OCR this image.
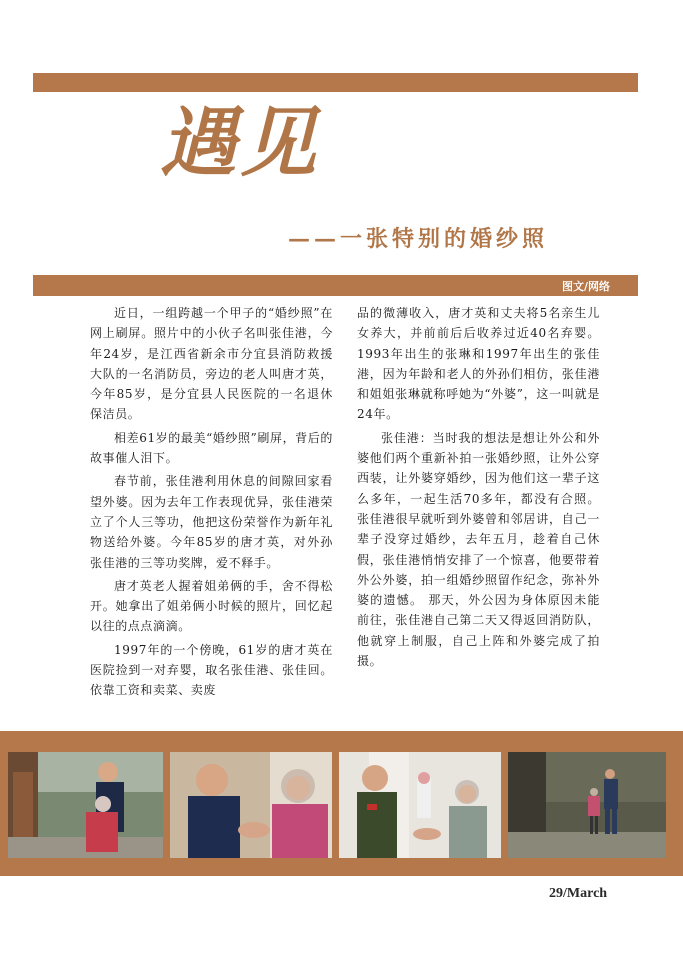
遇见
——一张特别的婚纱照
图文/网络

近日，一组跨越一个甲子的“婚纱照”在网上刷屏。照片中的小伙子名叫张佳港，今年24岁，是江西省新余市分宜县消防救援大队的一名消防员，旁边的老人叫唐才英，今年85岁，是分宜县人民医院的一名退休保洁员。

相差61岁的最美“婚纱照”刷屏，背后的故事催人泪下。

春节前，张佳港利用休息的间隙回家看望外婆。因为去年工作表现优异，张佳港荣立了个人三等功，他把这份荣誉作为新年礼物送给外婆。今年85岁的唐才英，对外孙张佳港的三等功奖牌，爱不释手。

唐才英老人握着姐弟俩的手，舍不得松开。她拿出了姐弟俩小时候的照片，回忆起以往的点点滴滴。

1997年的一个傍晚，61岁的唐才英在医院捡到一对弃婴，取名张佳港、张佳回。依靠工资和卖菜、卖废

品的微薄收入，唐才英和丈夫将5名亲生儿女养大，并前前后后收养过近40名弃婴。1993年出生的张琳和1997年出生的张佳港，因为年龄和老人的外孙们相仿，张佳港和姐姐张琳就称呼她为“外婆”，这一叫就是24年。

张佳港：当时我的想法是想让外公和外婆他们两个重新补拍一张婚纱照，让外公穿西装，让外婆穿婚纱，因为他们这一辈子这么多年，一起生活70多年，都没有合照。张佳港很早就听到外婆曾和邻居讲，自己一辈子没穿过婚纱，去年五月，趁着自己休假，张佳港悄悄安排了一个惊喜，他要带着外公外婆，拍一组婚纱照留作纪念，弥补外婆的遗憾。 那天，外公因为身体原因未能前往，张佳港自己第二天又得返回消防队，他就穿上制服，自己上阵和外婆完成了拍摄。

29/March
